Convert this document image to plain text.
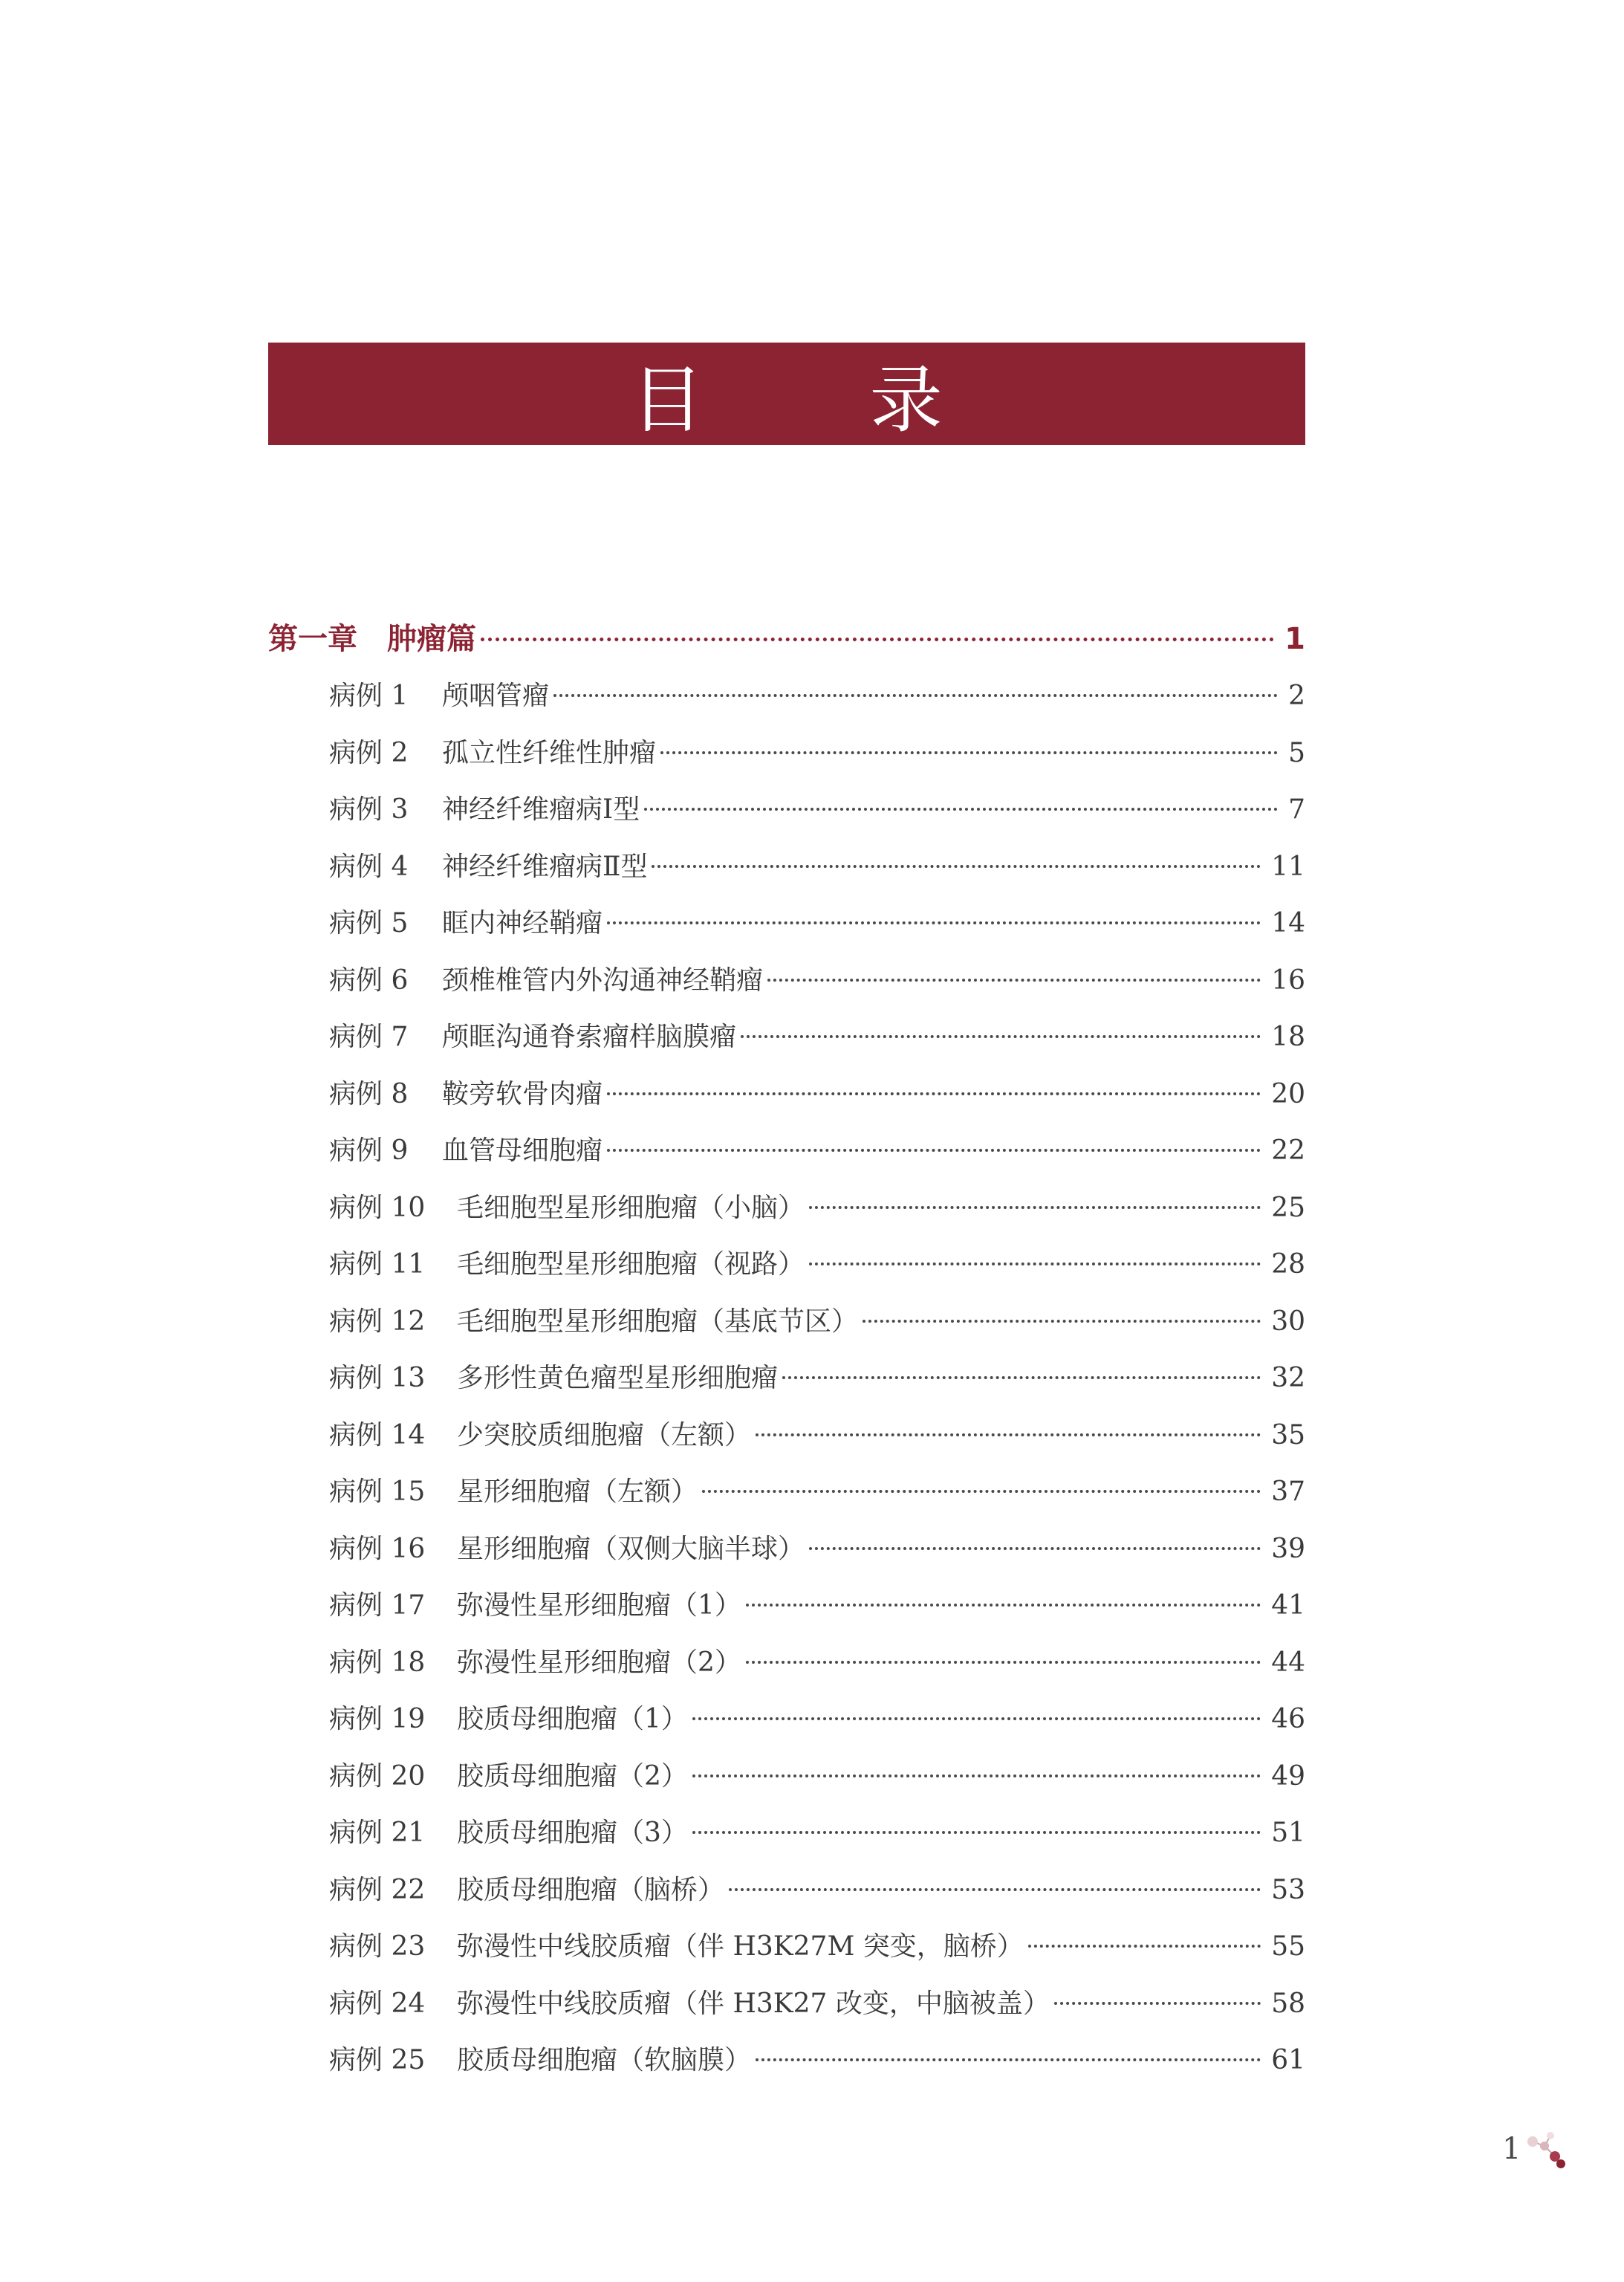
目 录
第一章 肿瘤篇	1
病例 1	颅咽管瘤	2
病例 2	孤立性纤维性肿瘤	5
病例 3	神经纤维瘤病Ⅰ型	7
病例 4	神经纤维瘤病Ⅱ型	11
病例 5	眶内神经鞘瘤	14
病例 6	颈椎椎管内外沟通神经鞘瘤	16
病例 7	颅眶沟通脊索瘤样脑膜瘤	18
病例 8	鞍旁软骨肉瘤	20
病例 9	血管母细胞瘤	22
病例 10	毛细胞型星形细胞瘤（小脑）	25
病例 11	毛细胞型星形细胞瘤（视路）	28
病例 12	毛细胞型星形细胞瘤（基底节区）	30
病例 13	多形性黄色瘤型星形细胞瘤	32
病例 14	少突胶质细胞瘤（左额）	35
病例 15	星形细胞瘤（左额）	37
病例 16	星形细胞瘤（双侧大脑半球）	39
病例 17	弥漫性星形细胞瘤（1）	41
病例 18	弥漫性星形细胞瘤（2）	44
病例 19	胶质母细胞瘤（1）	46
病例 20	胶质母细胞瘤（2）	49
病例 21	胶质母细胞瘤（3）	51
病例 22	胶质母细胞瘤（脑桥）	53
病例 23	弥漫性中线胶质瘤（伴 H3K27M 突变，脑桥）	55
病例 24	弥漫性中线胶质瘤（伴 H3K27 改变，中脑被盖）	58
病例 25	胶质母细胞瘤（软脑膜）	61
1
